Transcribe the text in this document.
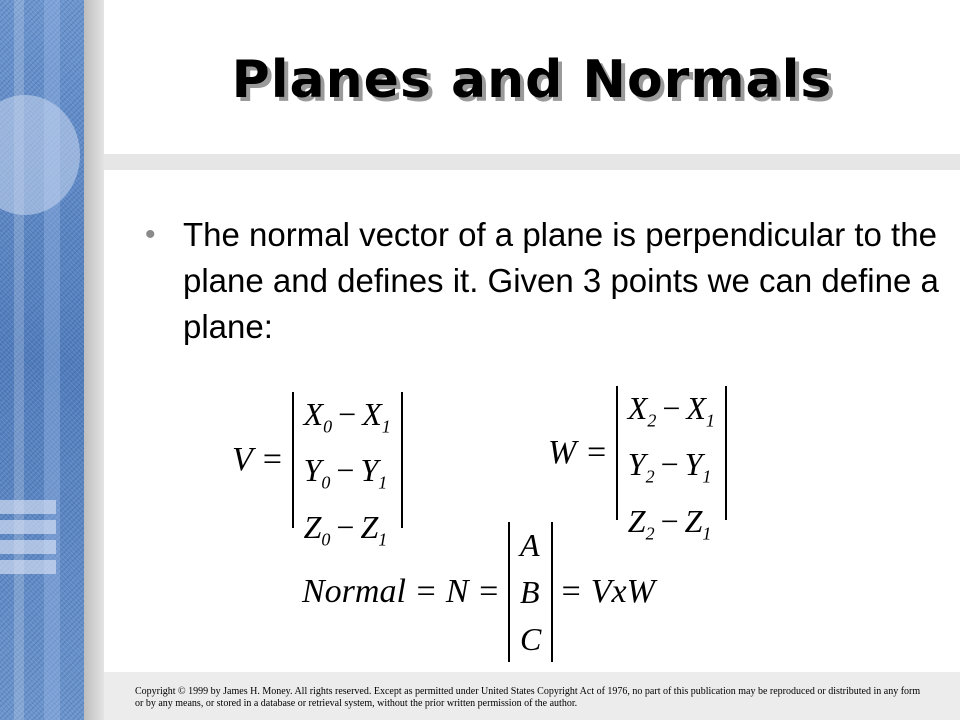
Planes and Normals
• The normal vector of a plane is perpendicular to the plane and defines it. Given 3 points we can define a plane:
V =
$X_0 - X_1$
$Y_0 - Y_1$
$Z_0 - Z_1$
W =
$X_2 - X_1$
$Y_2 - Y_1$
$Z_2 - Z_1$
Normal = N =
A
B
C
= VxW
Copyright © 1999 by James H. Money. All rights reserved. Except as permitted under United States Copyright Act of 1976, no part of this publication may be reproduced or distributed in any form or by any means, or stored in a database or retrieval system, without the prior written permission of the author.
